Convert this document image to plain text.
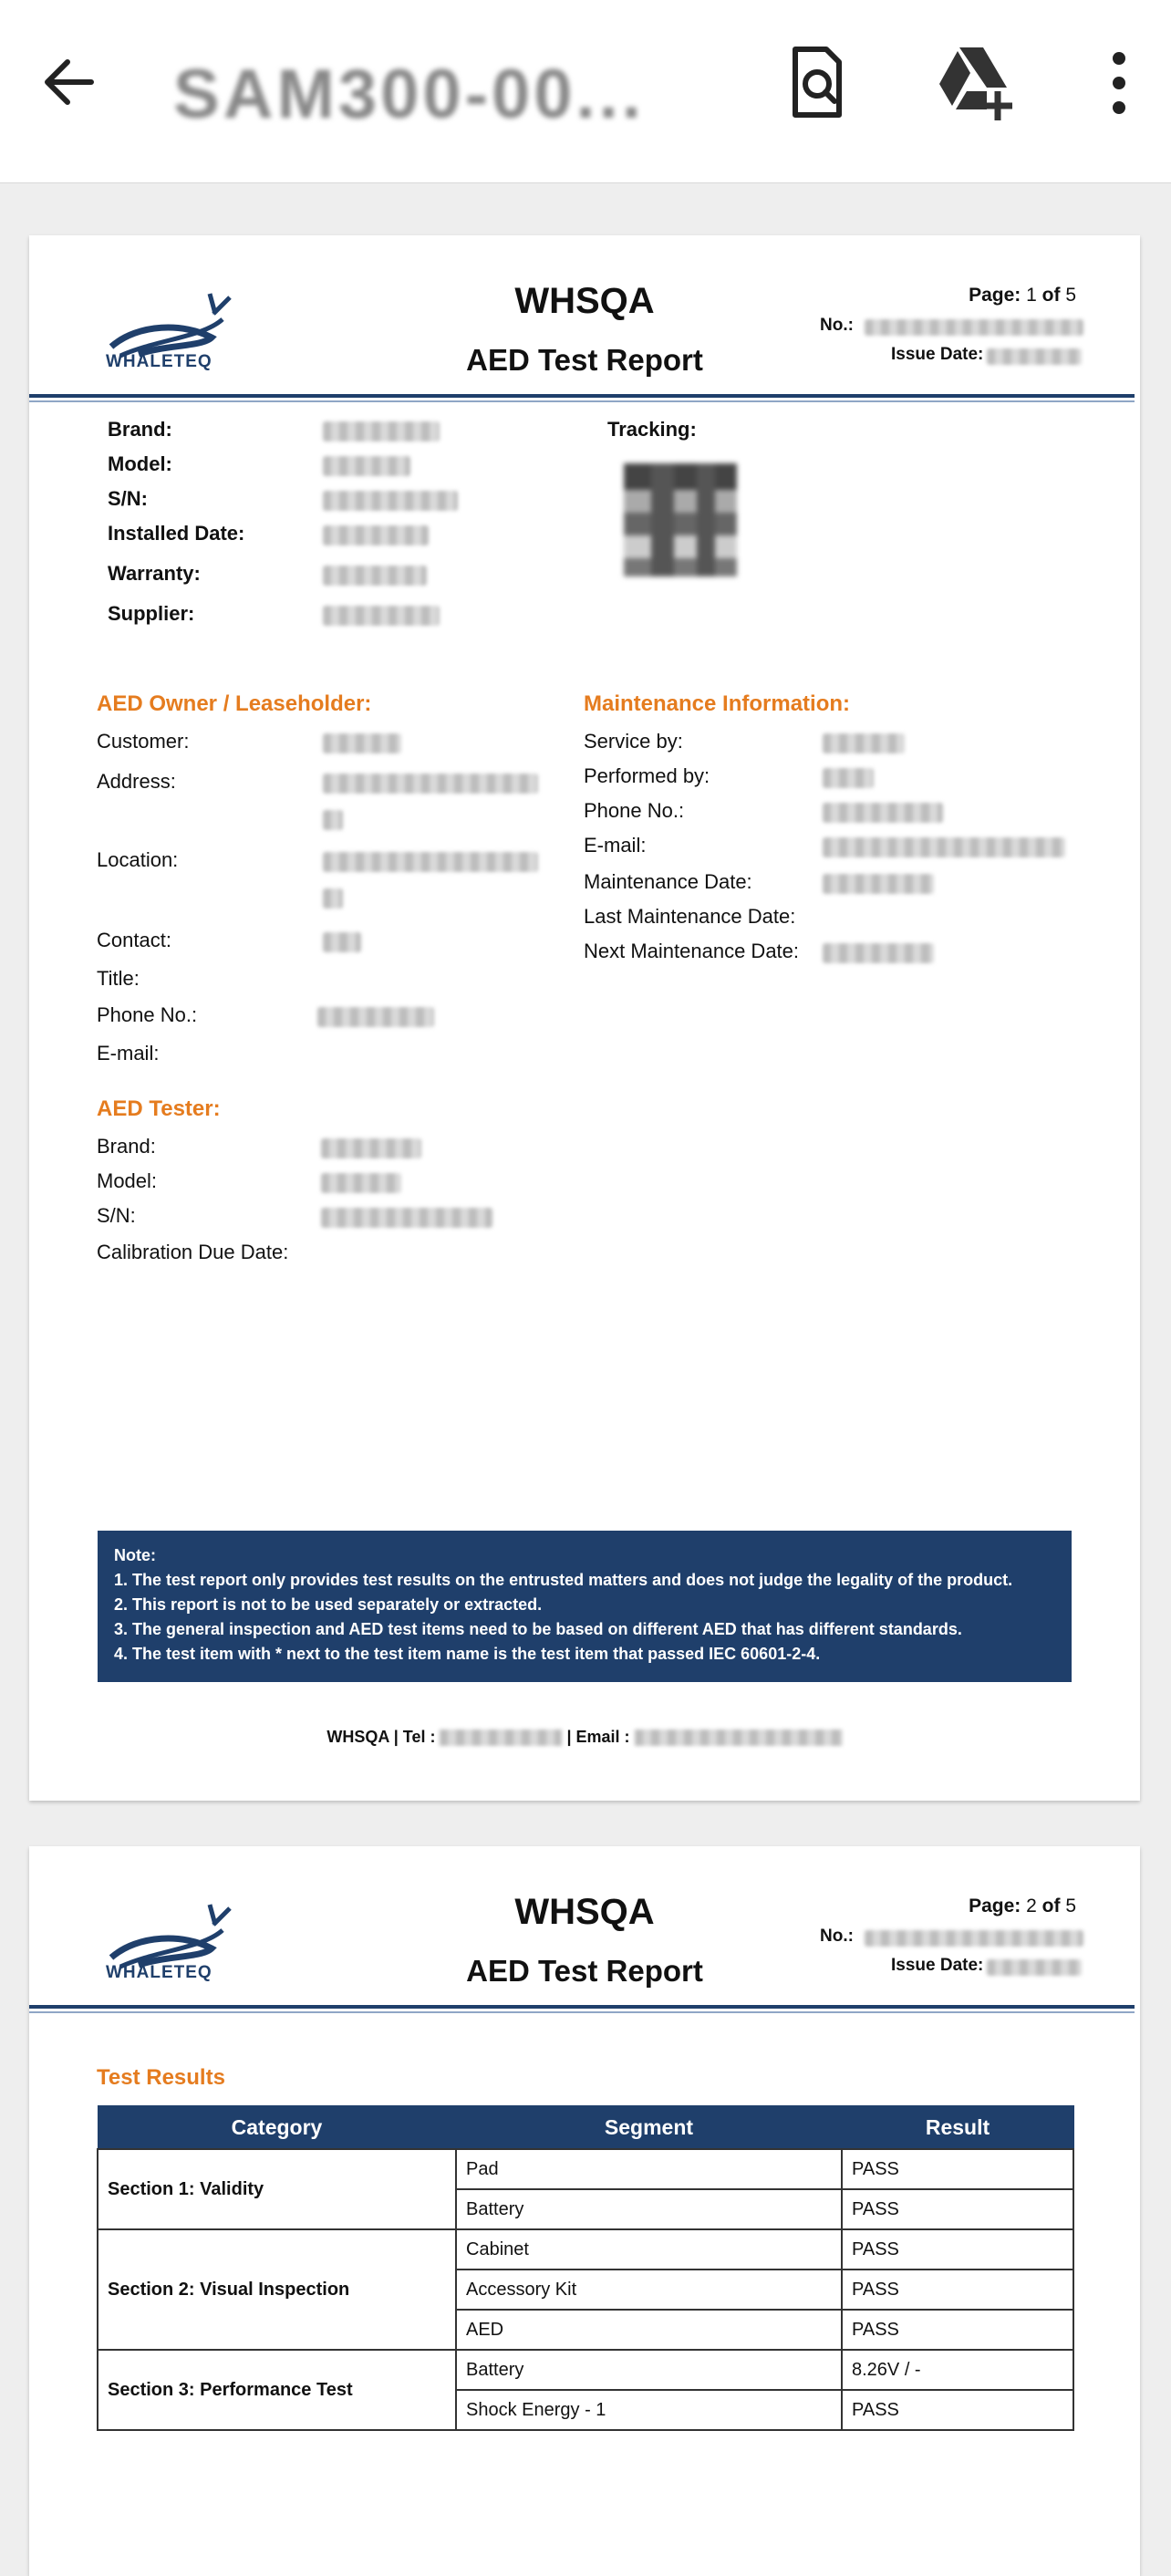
SAM300-00...
WHALETEQ
WHSQA
AED Test Report
Page: 1 of 5
No.:
Issue Date:
Brand:
Model:
S/N:
Installed Date:
Warranty:
Supplier:
Tracking:
AED Owner / Leaseholder:
Customer:
Address:
Location:
Contact:
Title:
Phone No.:
E-mail:
Maintenance Information:
Service by:
Performed by:
Phone No.:
E-mail:
Maintenance Date:
Last Maintenance Date:
Next Maintenance Date:
AED Tester:
Brand:
Model:
S/N:
Calibration Due Date:
Note:
1. The test report only provides test results on the entrusted matters and does not judge the legality of the product.
2. This report is not to be used separately or extracted.
3. The general inspection and AED test items need to be based on different AED that has different standards.
4. The test item with * next to the test item name is the test item that passed IEC 60601-2-4.
WHSQA | Tel :	| Email :
WHALETEQ
WHSQA
AED Test Report
Page: 2 of 5
No.:
Issue Date:
Test Results
Category	Segment	Result
Section 1: Validity	Pad	PASS
	Battery	PASS
Section 2: Visual Inspection	Cabinet	PASS
	Accessory Kit	PASS
	AED	PASS
Section 3: Performance Test	Battery	8.26V / -
	Shock Energy - 1	PASS
